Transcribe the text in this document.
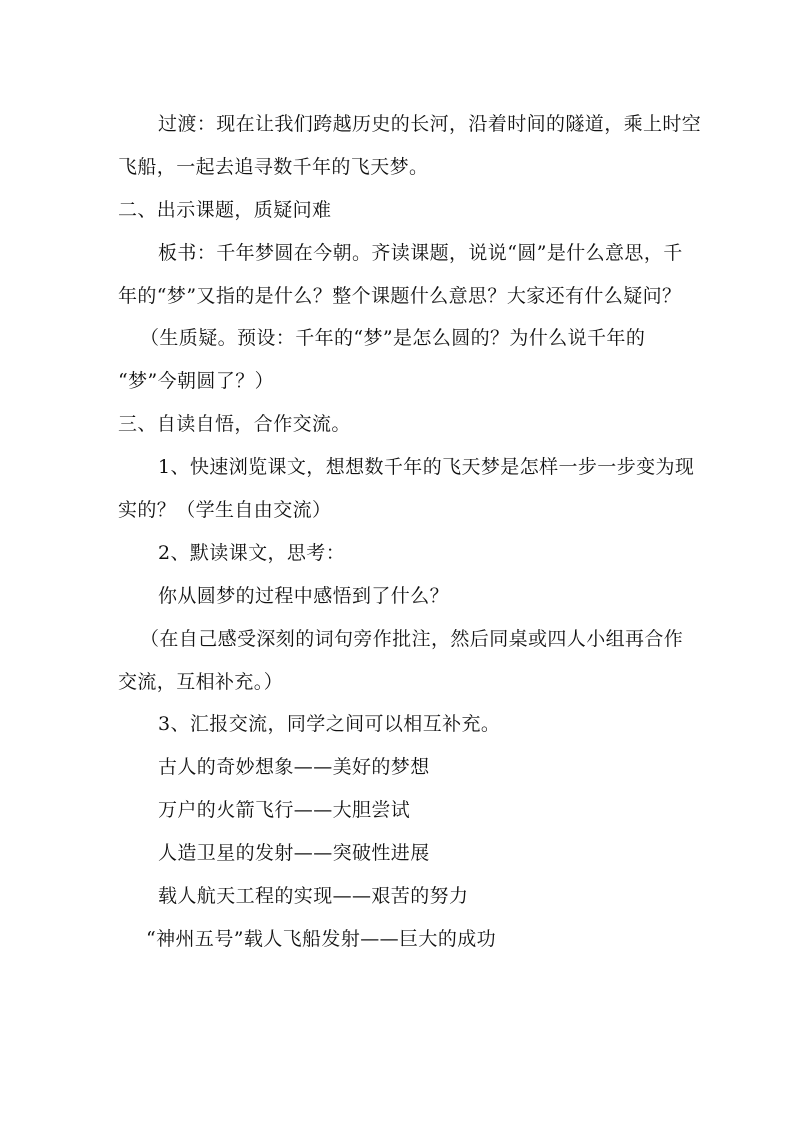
过渡：现在让我们跨越历史的长河，沿着时间的隧道，乘上时空
飞船，一起去追寻数千年的飞天梦。
二、出示课题，质疑问难
板书：千年梦圆在今朝。齐读课题，说说“圆”是什么意思，千
年的“梦”又指的是什么？整个课题什么意思？大家还有什么疑问？
（生质疑。预设：千年的“梦”是怎么圆的？为什么说千年的
“梦”今朝圆了？）
三、自读自悟，合作交流。
1、快速浏览课文，想想数千年的飞天梦是怎样一步一步变为现
实的？（学生自由交流）
2、默读课文，思考：
你从圆梦的过程中感悟到了什么？
（在自己感受深刻的词句旁作批注，然后同桌或四人小组再合作
交流，互相补充。）
3、汇报交流，同学之间可以相互补充。
古人的奇妙想象——美好的梦想
万户的火箭飞行——大胆尝试
人造卫星的发射——突破性进展
载人航天工程的实现——艰苦的努力
“神州五号”载人飞船发射——巨大的成功
